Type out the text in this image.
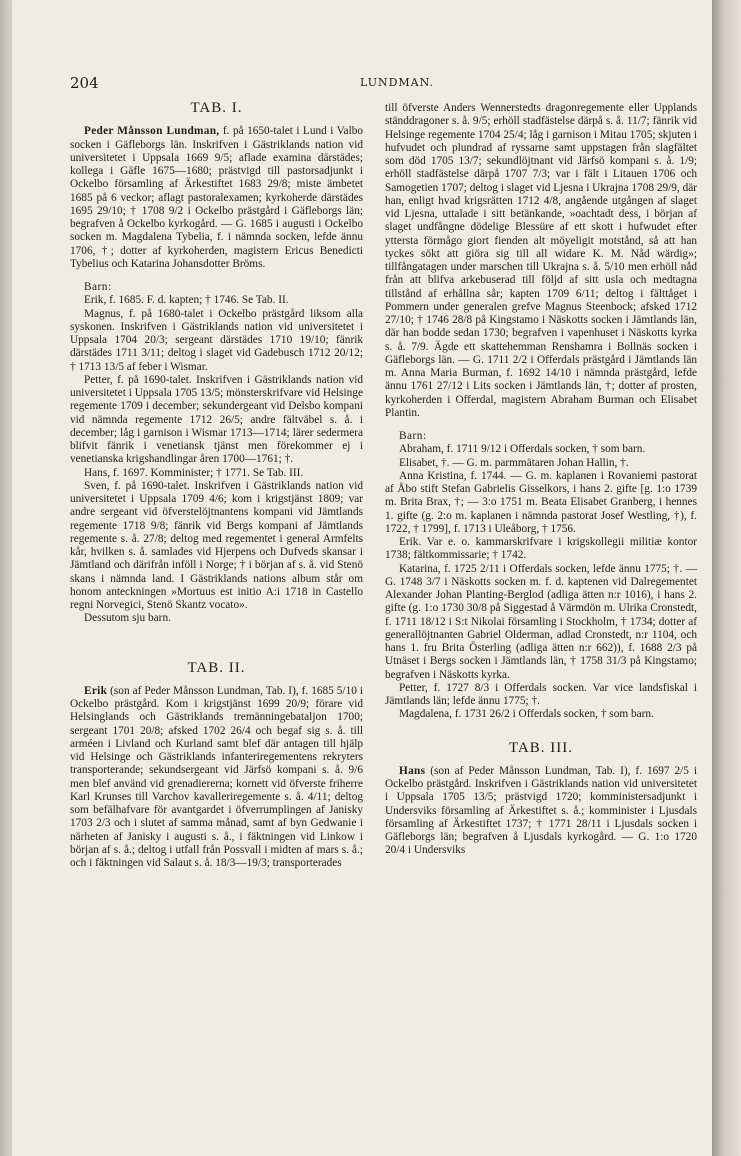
204	LUNDMAN.

TAB. I.

Peder Månsson Lundman, f. på 1650-talet i Lund i Valbo socken i Gäfleborgs län. Inskrifven i Gästriklands nation vid universitetet i Uppsala 1669 9/5; aflade examina därstädes; kollega i Gäfle 1675—1680; prästvigd till pastorsadjunkt i Ockelbo församling af Ärkestiftet 1683 29/8; miste ämbetet 1685 på 6 veckor; aflagt pastoralexamen; kyrkoherde därstädes 1695 29/10; † 1708 9/2 i Ockelbo prästgård i Gäfleborgs län; begrafven å Ockelbo kyrkogård. — G. 1685 i augusti i Ockelbo socken m. Magdalena Tybelia, f. i nämnda socken, lefde ännu 1706, †; dotter af kyrkoherden, magistern Ericus Benedicti Tybelius och Katarina Johansdotter Bröms.

Barn:

Erik, f. 1685. F. d. kapten; † 1746. Se Tab. II.

Magnus, f. på 1680-talet i Ockelbo prästgård liksom alla syskonen. Inskrifven i Gästriklands nation vid universitetet i Uppsala 1704 20/3; sergeant därstädes 1710 19/10; fänrik därstädes 1711 3/11; deltog i slaget vid Gadebusch 1712 20/12; † 1713 13/5 af feber i Wismar.

Petter, f. på 1690-talet. Inskrifven i Gästriklands nation vid universitetet i Uppsala 1705 13/5; mönsterskrifvare vid Helsinge regemente 1709 i december; sekundergeant vid Delsbo kompani vid nämnda regemente 1712 26/5; andre fältväbel s. å. i december; låg i garnison i Wismar 1713—1714; lärer sedermera blifvit fänrik i venetiansk tjänst men förekommer ej i venetianska krigshandlingar åren 1700—1761; †.

Hans, f. 1697. Komminister; † 1771. Se Tab. III.

Sven, f. på 1690-talet. Inskrifven i Gästriklands nation vid universitetet i Uppsala 1709 4/6; kom i krigstjänst 1809; var andre sergeant vid öfverstelöjtnantens kompani vid Jämtlands regemente 1718 9/8; fänrik vid Bergs kompani af Jämtlands regemente s. å. 27/8; deltog med regementet i general Armfelts kår, hvilken s. å. samlades vid Hjerpens och Dufveds skansar i Jämtland och därifrån inföll i Norge; † i början af s. å. vid Stenö skans i nämnda land. I Gästriklands nations album står om honom anteckningen »Mortuus est initio A:i 1718 in Castello regni Norvegici, Stenö Skantz vocato».

Dessutom sju barn.

TAB. II.

Erik (son af Peder Månsson Lundman, Tab. I), f. 1685 5/10 i Ockelbo prästgård. Kom i krigstjänst 1699 20/9; förare vid Helsinglands och Gästriklands tremänningebataljon 1700; sergeant 1701 20/8; afsked 1702 26/4 och begaf sig s. å. till arméen i Livland och Kurland samt blef där antagen till hjälp vid Helsinge och Gästriklands infanteriregementens rekryters transporterande; sekundsergeant vid Järfsö kompani s. å. 9/6 men blef använd vid grenadiererna; kornett vid öfverste friherre Karl Krunses till Varchov kavalleriregemente s. å. 4/11; deltog som befälhafvare för avantgardet i öfverrumplingen af Janisky 1703 2/3 och i slutet af samma månad, samt af byn Gedwanie i närheten af Janisky i augusti s. å., i fäktningen vid Linkow i början af s. å.; deltog i utfall från Possvall i midten af mars s. å.; och i fäktningen vid Salaut s. å. 18/3—19/3; transporterades

till öfverste Anders Wennerstedts dragonregemente eller Upplands ständdragoner s. å. 9/5; erhöll stadfästelse därpå s. å. 11/7; fänrik vid Helsinge regemente 1704 25/4; låg i garnison i Mitau 1705; skjuten i hufvudet och plundrad af ryssarne samt uppstagen från slagfältet som död 1705 13/7; sekundlöjtnant vid Järfsö kompani s. å. 1/9; erhöll stadfästelse därpå 1707 7/3; var i fält i Litauen 1706 och Samogetien 1707; deltog i slaget vid Ljesna i Ukrajna 1708 29/9, där han, enligt hvad krigsrätten 1712 4/8, angående utgången af slaget vid Ljesna, uttalade i sitt betänkande, »oachtadt dess, i början af slaget undfångne dödelige Blessüre af ett skott i hufwudet efter yttersta förmågo giort fienden alt möyeligit motstånd, så att han tyckes sökt att giöra sig till all widare K. M. Nåd wärdig»; tillfångatagen under marschen till Ukrajna s. å. 5/10 men erhöll nåd från att blifva arkebuserad till följd af sitt usla och medtagna tillstånd af erhållna sår; kapten 1709 6/11; deltog i fälttåget i Pommern under generalen grefve Magnus Steenbock; afsked 1712 27/10; † 1746 28/8 på Kingstamo i Näskotts socken i Jämtlands län, där han bodde sedan 1730; begrafven i vapenhuset i Näskotts kyrka s. å. 7/9. Ägde ett skattehemman Renshamra i Bollnäs socken i Gäfleborgs län. — G. 1711 2/2 i Offerdals prästgård i Jämtlands län m. Anna Maria Burman, f. 1692 14/10 i nämnda prästgård, lefde ännu 1761 27/12 i Lits socken i Jämtlands län, †; dotter af prosten, kyrkoherden i Offerdal, magistern Abraham Burman och Elisabet Plantin.

Barn:

Abraham, f. 1711 9/12 i Offerdals socken, † som barn.

Elisabet, †. — G. m. parmmätaren Johan Hallin, †.

Anna Kristina, f. 1744. — G. m. kaplanen i Rovaniemi pastorat af Åbo stift Stefan Gabrielis Gisselkors, i hans 2. gifte [g. 1:o 1739 m. Brita Brax, †; — 3:o 1751 m. Beata Elisabet Granberg, i hennes 1. gifte (g. 2:o m. kaplanen i nämnda pastorat Josef Westling, †), f. 1722, † 1799], f. 1713 i Uleåborg, † 1756.

Erik. Var e. o. kammarskrifvare i krigskollegii militiæ kontor 1738; fältkommissarie; † 1742.

Katarina, f. 1725 2/11 i Offerdals socken, lefde ännu 1775; †. — G. 1748 3/7 i Näskotts socken m. f. d. kaptenen vid Dalregementet Alexander Johan Planting-Berglod (adliga ätten n:r 1016), i hans 2. gifte (g. 1:o 1730 30/8 på Siggestad å Värmdön m. Ulrika Cronstedt, f. 1711 18/12 i S:t Nikolai församling i Stockholm, † 1734; dotter af generallöjtnanten Gabriel Olderman, adlad Cronstedt, n:r 1104, och hans 1. fru Brita Österling (adliga ätten n:r 662)), f. 1688 2/3 på Utnäset i Bergs socken i Jämtlands län, † 1758 31/3 på Kingstamo; begrafven i Näskotts kyrka.

Petter, f. 1727 8/3 i Offerdals socken. Var vice landsfiskal i Jämtlands län; lefde ännu 1775; †.

Magdalena, f. 1731 26/2 i Offerdals socken, † som barn.

TAB. III.

Hans (son af Peder Månsson Lundman, Tab. I), f. 1697 2/5 i Ockelbo prästgård. Inskrifven i Gästriklands nation vid universitetet i Uppsala 1705 13/5; prästvigd 1720; komministersadjunkt i Undersviks församling af Ärkestiftet s. å.; komminister i Ljusdals församling af Ärkestiftet 1737; † 1771 28/11 i Ljusdals socken i Gäfleborgs län; begrafven å Ljusdals kyrkogård. — G. 1:o 1720 20/4 i Undersviks
